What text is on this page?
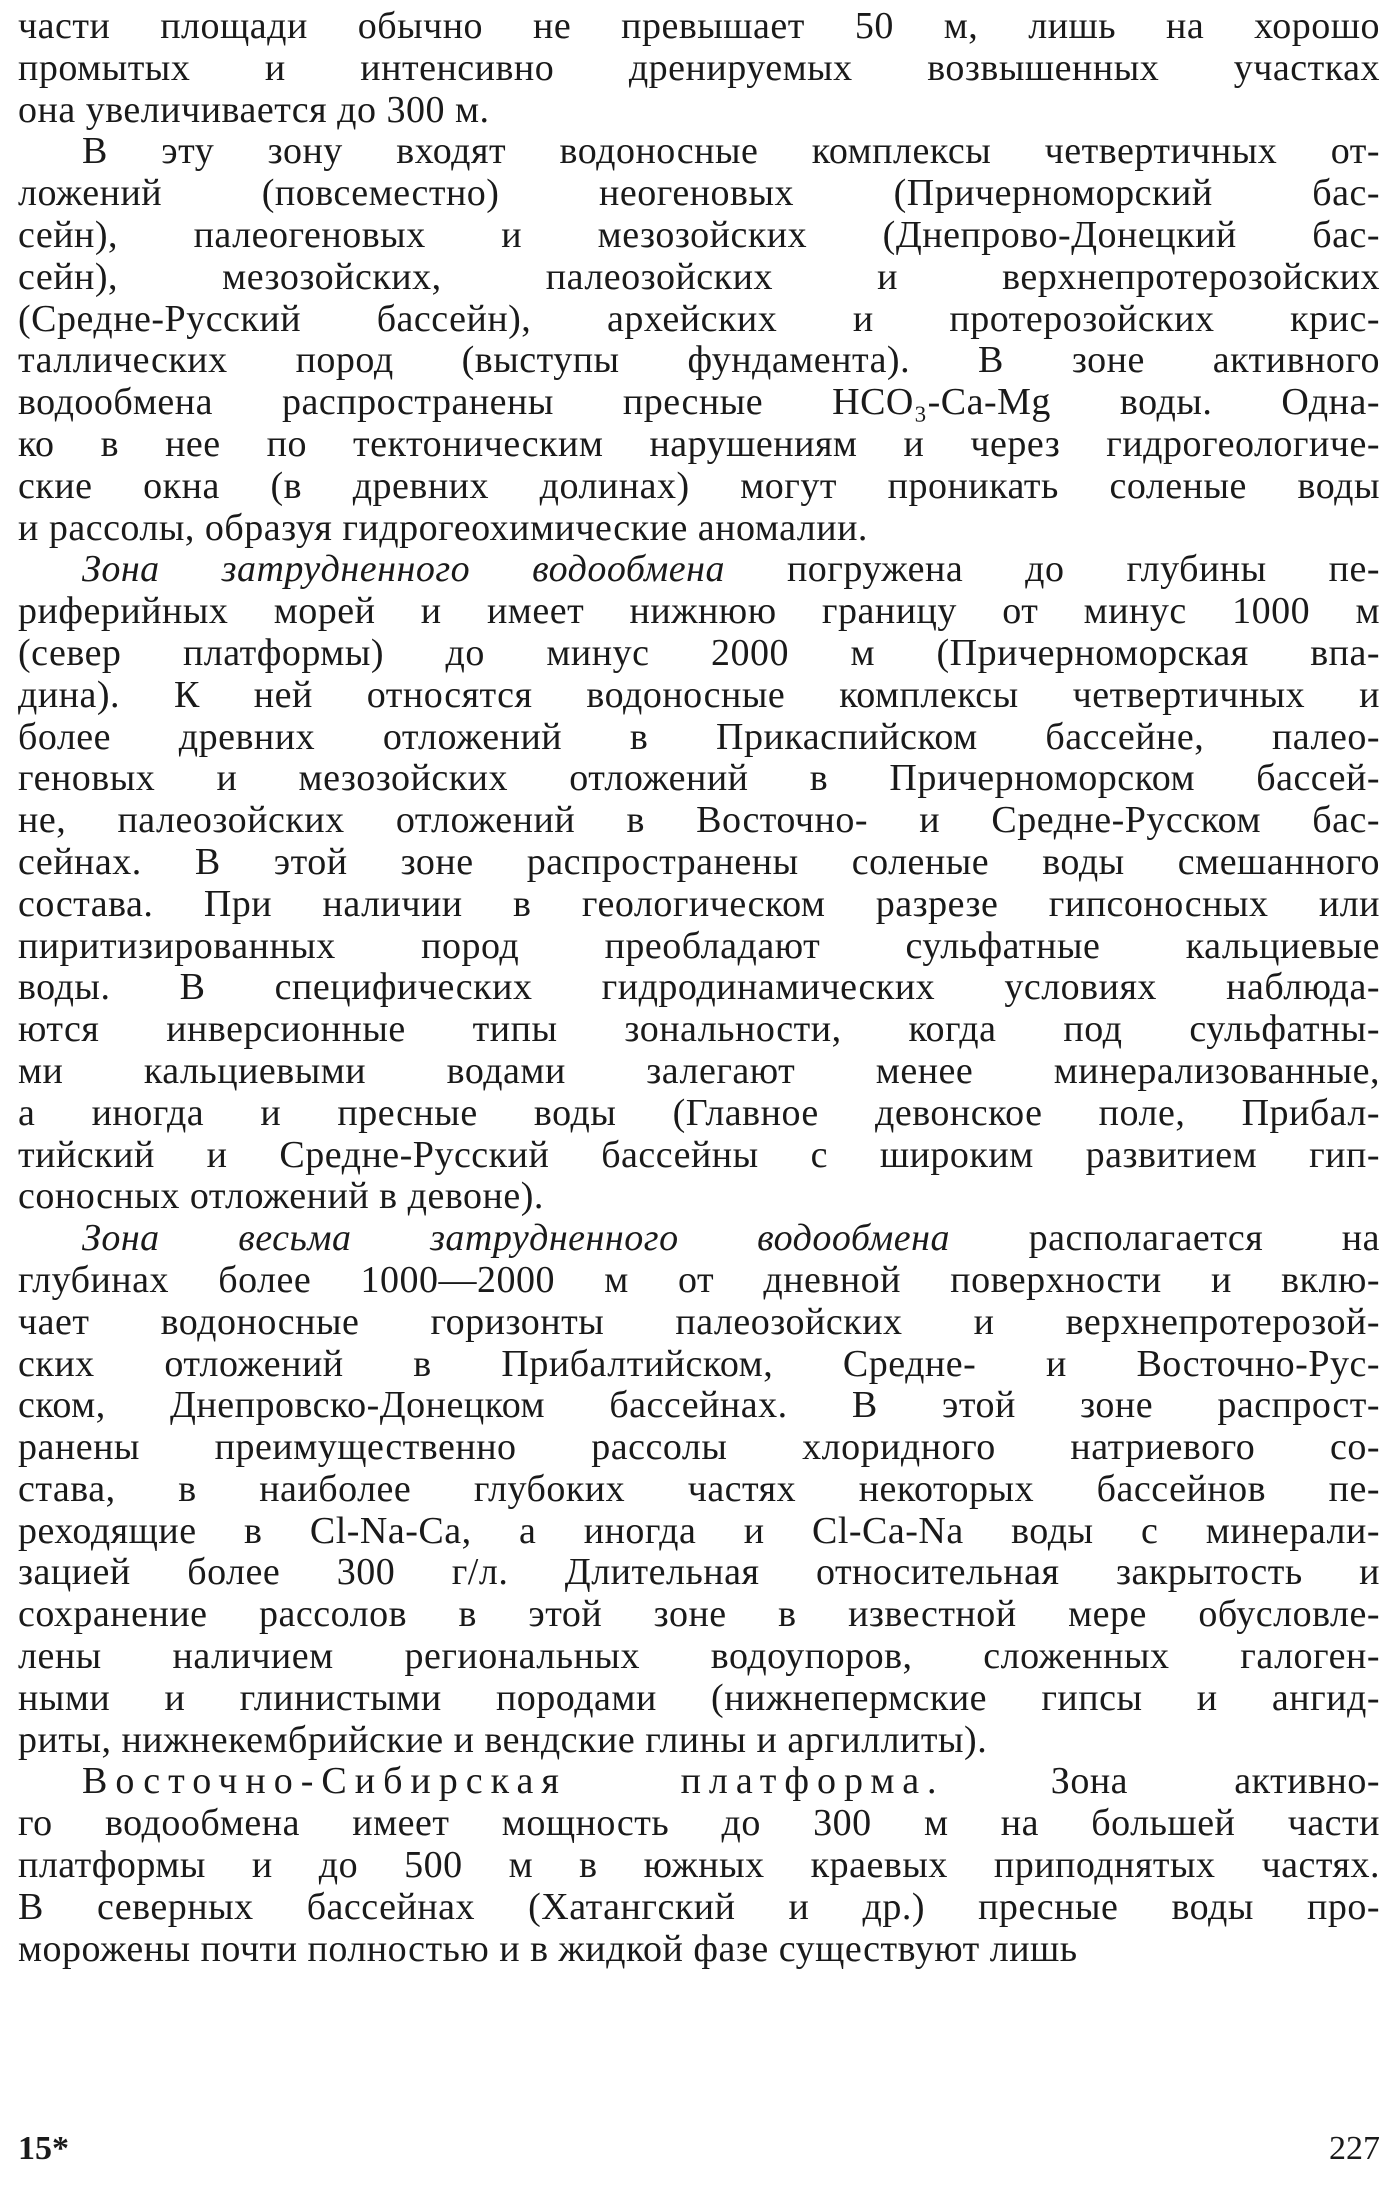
части площади обычно не превышает 50 м, лишь на хорошо
промытых и интенсивно дренируемых возвышенных участках
она увеличивается до 300 м.
В эту зону входят водоносные комплексы четвертичных от-
ложений (повсеместно) неогеновых (Причерноморский бас-
сейн), палеогеновых и мезозойских (Днепрово-Донецкий бас-
сейн), мезозойских, палеозойских и верхнепротерозойских
(Средне-Русский бассейн), архейских и протерозойских крис-
таллических пород (выступы фундамента). В зоне активного
водообмена распространены пресные НСО₃-Са-Mg воды. Одна-
ко в нее по тектоническим нарушениям и через гидрогеологиче-
ские окна (в древних долинах) могут проникать соленые воды
и рассолы, образуя гидрогеохимические аномалии.
Зона затрудненного водообмена погружена до глубины пе-
риферийных морей и имеет нижнюю границу от минус 1000 м
(север платформы) до минус 2000 м (Причерноморская впа-
дина). К ней относятся водоносные комплексы четвертичных и
более древних отложений в Прикаспийском бассейне, палео-
геновых и мезозойских отложений в Причерноморском бассей-
не, палеозойских отложений в Восточно- и Средне-Русском бас-
сейнах. В этой зоне распространены соленые воды смешанного
состава. При наличии в геологическом разрезе гипсоносных или
пиритизированных пород преобладают сульфатные кальциевые
воды. В специфических гидродинамических условиях наблюда-
ются инверсионные типы зональности, когда под сульфатны-
ми кальциевыми водами залегают менее минерализованные,
а иногда и пресные воды (Главное девонское поле, Прибал-
тийский и Средне-Русский бассейны с широким развитием гип-
соносных отложений в девоне).
Зона весьма затрудненного водообмена располагается на
глубинах более 1000—2000 м от дневной поверхности и вклю-
чает водоносные горизонты палеозойских и верхнепротерозой-
ских отложений в Прибалтийском, Средне- и Восточно-Рус-
ском, Днепровско-Донецком бассейнах. В этой зоне распрост-
ранены преимущественно рассолы хлоридного натриевого со-
става, в наиболее глубоких частях некоторых бассейнов пе-
реходящие в Cl-Na-Ca, а иногда и Cl-Ca-Na воды с минерали-
зацией более 300 г/л. Длительная относительная закрытость и
сохранение рассолов в этой зоне в известной мере обусловле-
лены наличием региональных водоупоров, сложенных галоген-
ными и глинистыми породами (нижнепермские гипсы и ангид-
риты, нижнекембрийские и вендские глины и аргиллиты).
Восточно-Сибирская платформа. Зона активно-
го водообмена имеет мощность до 300 м на большей части
платформы и до 500 м в южных краевых приподнятых частях.
В северных бассейнах (Хатангский и др.) пресные воды про-
морожены почти полностью и в жидкой фазе существуют лишь
15*	227
